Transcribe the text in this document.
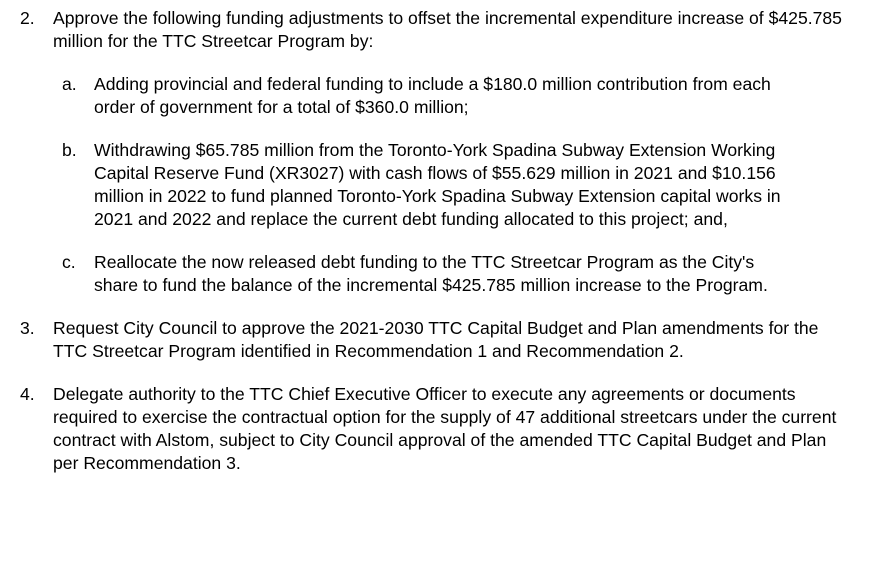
2.	Approve the following funding adjustments to offset the incremental expenditure increase of $425.785 million for the TTC Streetcar Program by:
a. Adding provincial and federal funding to include a $180.0 million contribution from each order of government for a total of $360.0 million;
b. Withdrawing $65.785 million from the Toronto-York Spadina Subway Extension Working Capital Reserve Fund (XR3027) with cash flows of $55.629 million in 2021 and $10.156 million in 2022 to fund planned Toronto-York Spadina Subway Extension capital works in 2021 and 2022 and replace the current debt funding allocated to this project; and,
c.	Reallocate the now released debt funding to the TTC Streetcar Program as the City's share to fund the balance of the incremental $425.785 million increase to the Program.
3.	Request City Council to approve the 2021-2030 TTC Capital Budget and Plan amendments for the TTC Streetcar Program identified in Recommendation 1 and Recommendation 2.
4.	Delegate authority to the TTC Chief Executive Officer to execute any agreements or documents required to exercise the contractual option for the supply of 47 additional streetcars under the current contract with Alstom, subject to City Council approval of the amended TTC Capital Budget and Plan per Recommendation 3.
